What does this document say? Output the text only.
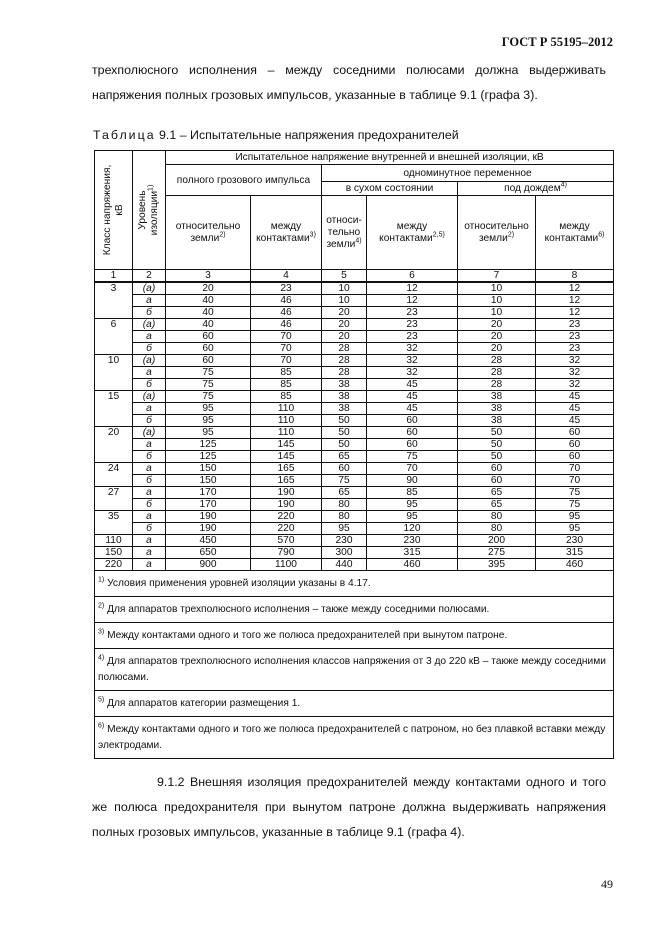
ГОСТ Р 55195–2012
трехполюсного исполнения – между соседними полюсами должна выдерживать напряжения полных грозовых импульсов, указанные в таблице 9.1 (графа 3).
Таблица 9.1 – Испытательные напряжения предохранителей
Класс напряжения, кВ	Уровень изоляции$^{1)}$	Испытательное напряжение внутренней и внешней изоляции, кВ					
		полного грозового импульса		одноминутное переменное			
				в сухом состоянии		под дождем$^{4)}$
		относительно земли$^{2)}$	между контактами$^{3)}$	относи-тельно земли$^{4)}$	между контактами$^{2,5)}$	относительно земли$^{2)}$	между контактами$^{6)}$
1	2	3	4	5	6	7	8
3	(а)	20	23	10	12	10	12
	а	40	46	10	12	10	12
	б	40	46	20	23	10	12
6	(а)	40	46	20	23	20	23
	а	60	70	20	23	20	23
	б	60	70	28	32	20	23
10	(а)	60	70	28	32	28	32
	а	75	85	28	32	28	32
	б	75	85	38	45	28	32
15	(а)	75	85	38	45	38	45
	а	95	110	38	45	38	45
	б	95	110	50	60	38	45
20	(а)	95	110	50	60	50	60
	а	125	145	50	60	50	60
	б	125	145	65	75	50	60
24	а	150	165	60	70	60	70
	б	150	165	75	90	60	70
27	а	170	190	65	85	65	75
	б	170	190	80	95	65	75
35	а	190	220	80	95	80	95
	б	190	220	95	120	80	95
110	а	450	570	230	230	200	230
150	а	650	790	300	315	275	315
220	а	900	1100	440	460	395	460
$^{1)}$ Условия применения уровней изоляции указаны в 4.17.							
$^{2)}$ Для аппаратов трехполюсного исполнения – также между соседними полюсами.							
$^{3)}$ Между контактами одного и того же полюса предохранителей при вынутом патроне.							
$^{4)}$ Для аппаратов трехполюсного исполнения классов напряжения от 3 до 220 кВ – также между соседними полюсами.							
$^{5)}$ Для аппаратов категории размещения 1.							
$^{6)}$ Между контактами одного и того же полюса предохранителей с патроном, но без плавкой вставки между электродами.							
9.1.2 Внешняя изоляция предохранителей между контактами одного и того же полюса предохранителя при вынутом патроне должна выдерживать напряжения полных грозовых импульсов, указанные в таблице 9.1 (графа 4).
49
